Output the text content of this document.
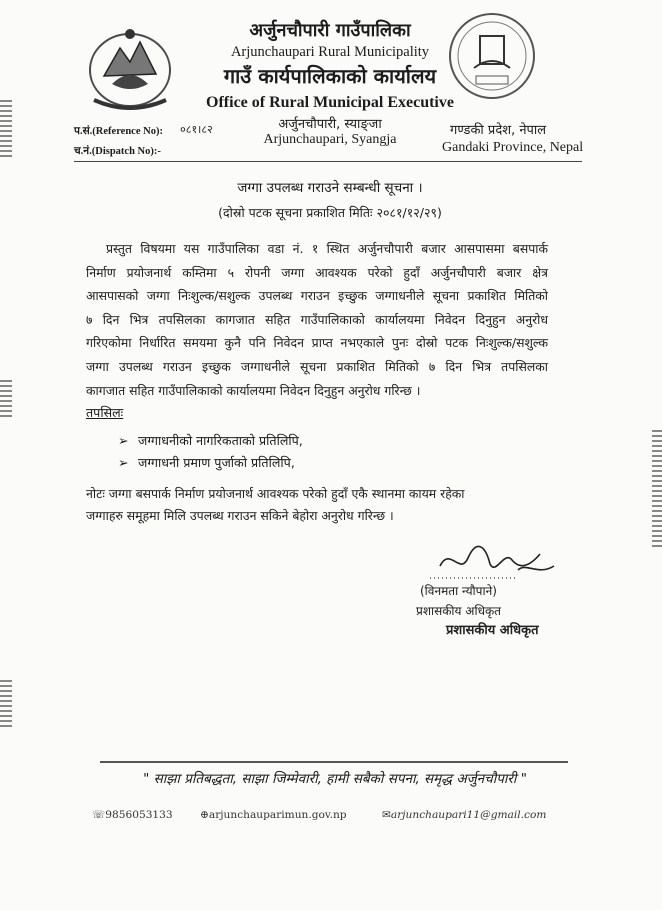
अर्जुनचौपारी गाउँपालिका
Arjunchaupari Rural Municipality
गाउँ कार्यपालिकाको कार्यालय
Office of Rural Municipal Executive
अर्जुनचौपारी, स्याङ्जा
Arjunchaupari, Syangja
गण्डकी प्रदेश, नेपाल
Gandaki Province, Nepal
प.सं.(Reference No): ०८१।८२
च.नं.(Dispatch No):-
जग्गा उपलब्ध गराउने सम्बन्धी सूचना ।
(दोस्रो पटक सूचना प्रकाशित मितिः २०८१/१२/२९)
प्रस्तुत विषयमा यस गाउँपालिका वडा नं. १ स्थित अर्जुनचौपारी बजार आसपासमा बसपार्क
निर्माण प्रयोजनार्थ कम्तिमा ५ रोपनी जग्गा आवश्यक परेको हुदाँ अर्जुनचौपारी बजार क्षेत्र
आसपासको जग्गा निःशुल्क/सशुल्क उपलब्ध गराउन इच्छुक जग्गाधनीले सूचना प्रकाशित मितिको
७ दिन भित्र तपसिलका कागजात सहित गाउँपालिकाको कार्यालयमा निवेदन दिनुहुन अनुरोध
गरिएकोमा निर्धारित समयमा कुनै पनि निवेदन प्राप्त नभएकाले पुनः दोस्रो पटक निःशुल्क/सशुल्क
जग्गा उपलब्ध गराउन इच्छुक जग्गाधनीले सूचना प्रकाशित मितिको ७ दिन भित्र तपसिलका
कागजात सहित गाउँपालिकाको कार्यालयमा निवेदन दिनुहुन अनुरोध गरिन्छ ।
तपसिलः
➢ जग्गाधनीको नागरिकताको प्रतिलिपि,
➢ जग्गाधनी प्रमाण पुर्जाको प्रतिलिपि,
नोटः जग्गा बसपार्क निर्माण प्रयोजनार्थ आवश्यक परेको हुदाँ एकै स्थानमा कायम रहेका
जग्गाहरु समूहमा मिलि उपलब्ध गराउन सकिने बेहोरा अनुरोध गरिन्छ ।
(विनमता न्यौपाने)
प्रशासकीय अधिकृत
प्रशासकीय अधिकृत
" साझा प्रतिबद्धता, साझा जिम्मेवारी, हामी सबैको सपना, समृद्ध अर्जुनचौपारी "
☏9856053133	⊕arjunchauparimun.gov.np	✉arjunchaupari11@gmail.com
